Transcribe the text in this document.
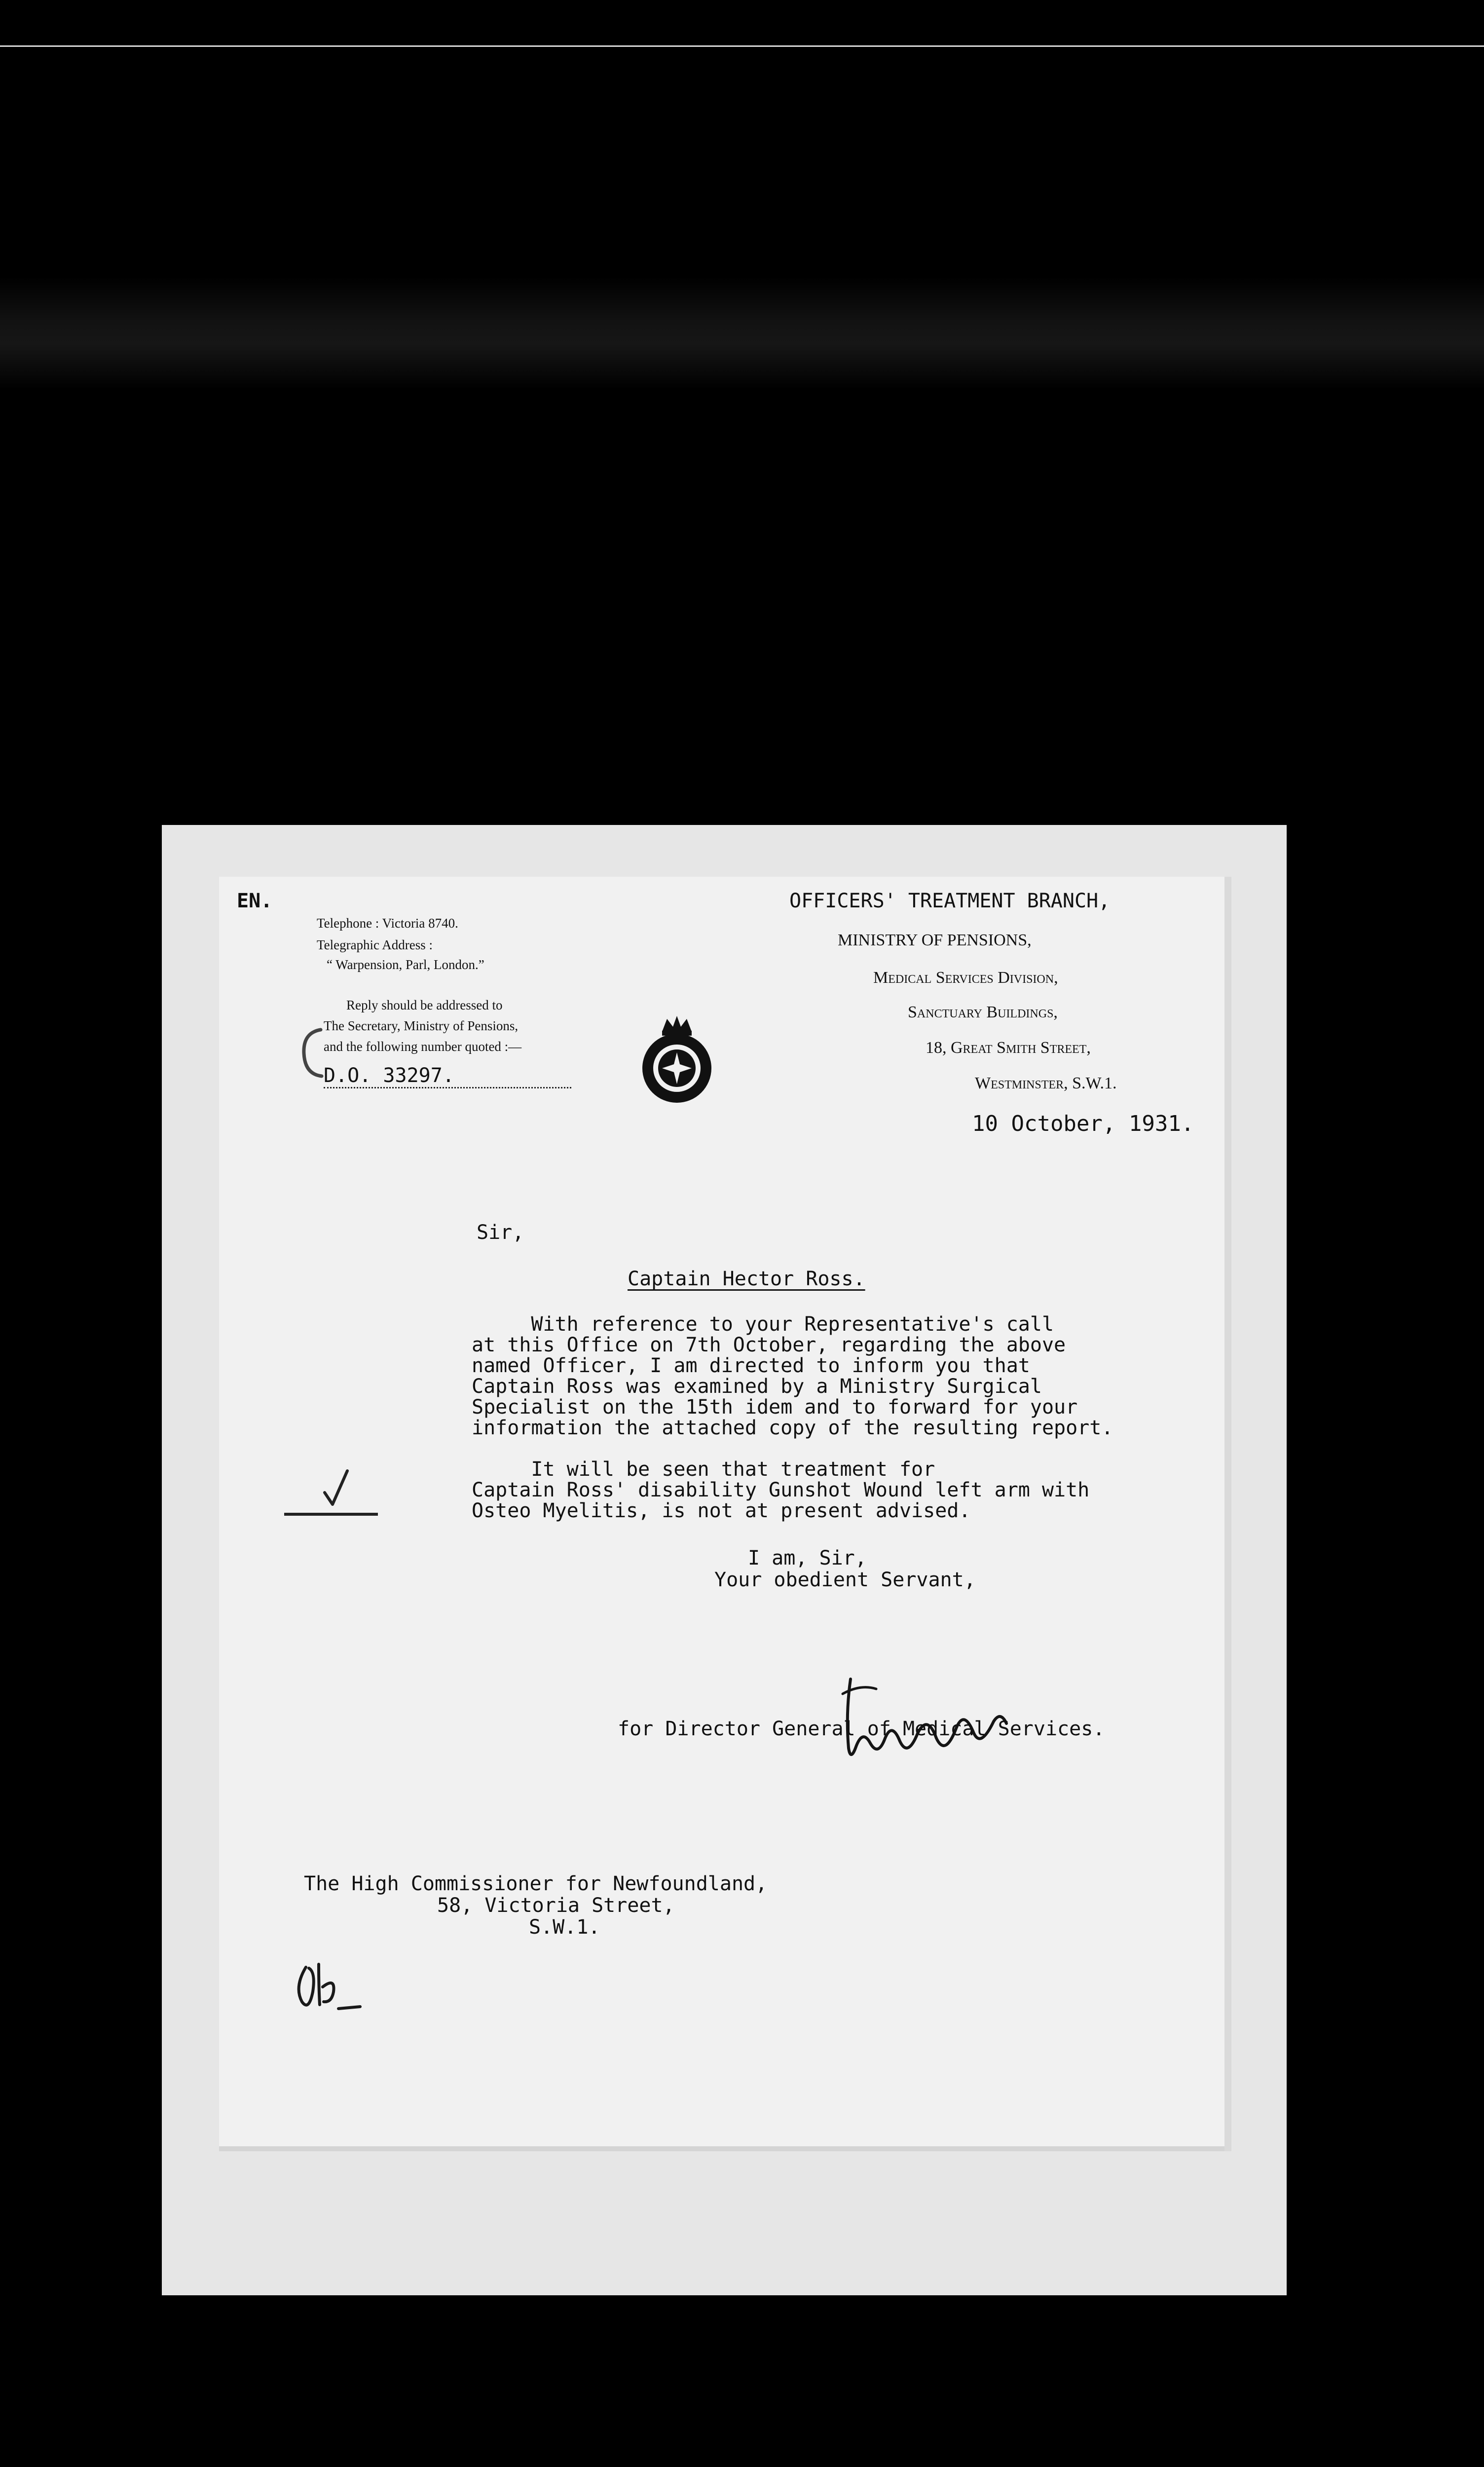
EN.
Telephone : Victoria 8740.
Telegraphic Address :
“ Warpension, Parl, London.”
Reply should be addressed to
The Secretary, Ministry of Pensions,
and the following number quoted :—
D.O. 33297.
OFFICERS' TREATMENT BRANCH,
MINISTRY OF PENSIONS,
Medical Services Division,
Sanctuary Buildings,
18, Great Smith Street,
Westminster, S.W.1.
10 October, 1931.
Sir,
Captain Hector Ross.
With reference to your Representative's call
at this Office on 7th October, regarding the above
named Officer, I am directed to inform you that
Captain Ross was examined by a Ministry Surgical
Specialist on the 15th idem and to forward for your
information the attached copy of the resulting report.
It will be seen that treatment for
Captain Ross' disability Gunshot Wound left arm with
Osteo Myelitis, is not at present advised.
I am, Sir,
Your obedient Servant,
for Director General of Medical Services.
The High Commissioner for Newfoundland,
58, Victoria Street,
S.W.1.
